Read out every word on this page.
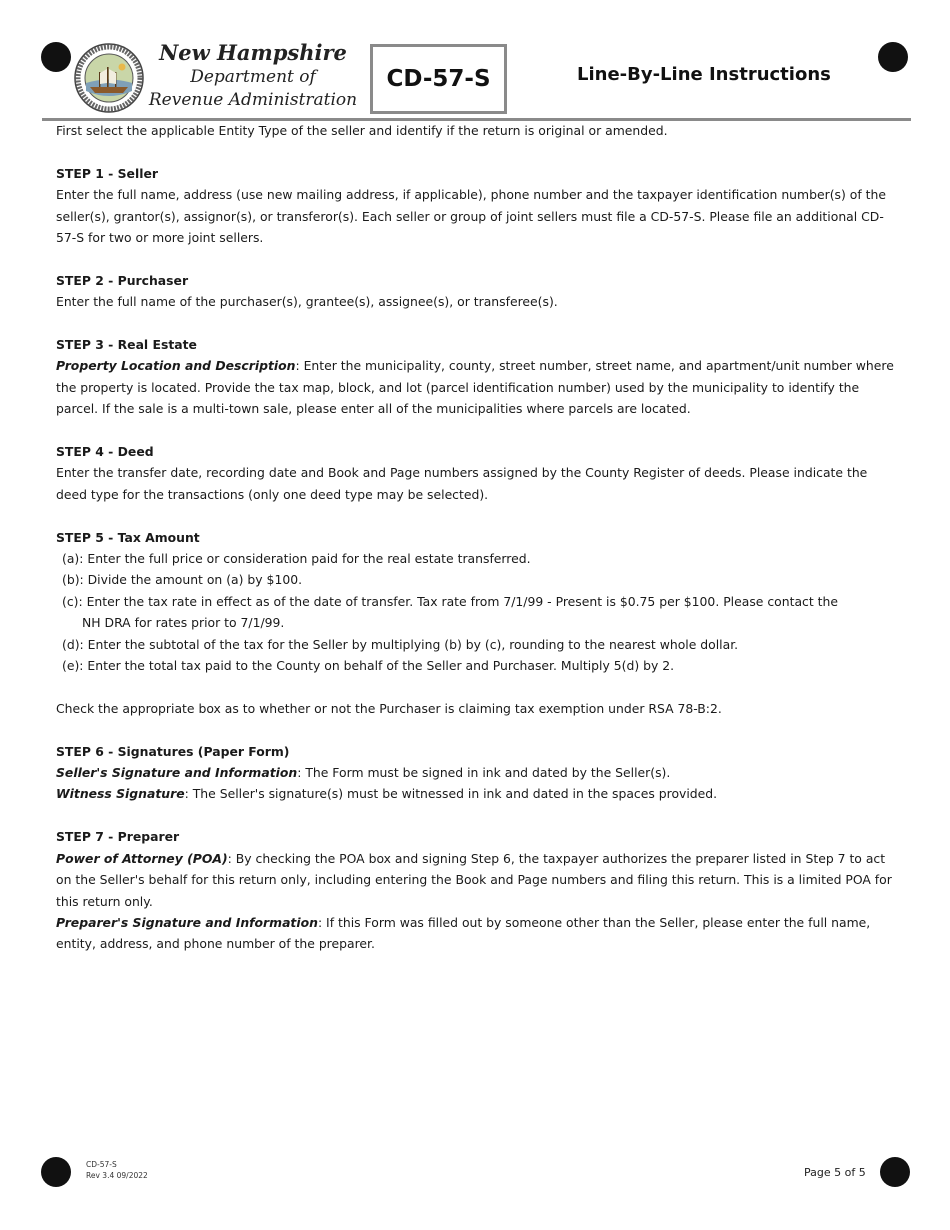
New Hampshire
Department of
Revenue Administration
CD-57-S	Line-By-Line Instructions

First select the applicable Entity Type of the seller and identify if the return is original or amended.

STEP 1 - Seller

Enter the full name, address (use new mailing address, if applicable), phone number and the taxpayer identification number(s) of the seller(s), grantor(s), assignor(s), or transferor(s). Each seller or group of joint sellers must file a CD-57-S. Please file an additional CD-57-S for two or more joint sellers.

STEP 2 - Purchaser

Enter the full name of the purchaser(s), grantee(s), assignee(s), or transferee(s).

STEP 3 - Real Estate

Property Location and Description: Enter the municipality, county, street number, street name, and apartment/unit number where the property is located. Provide the tax map, block, and lot (parcel identification number) used by the municipality to identify the parcel. If the sale is a multi-town sale, please enter all of the municipalities where parcels are located.

STEP 4 - Deed

Enter the transfer date, recording date and Book and Page numbers assigned by the County Register of deeds. Please indicate the deed type for the transactions (only one deed type may be selected).

STEP 5 - Tax Amount

(a): Enter the full price or consideration paid for the real estate transferred.

(b): Divide the amount on (a) by $100.

(c): Enter the tax rate in effect as of the date of transfer. Tax rate from 7/1/99 - Present is $0.75 per $100. Please contact the

NH DRA for rates prior to 7/1/99.

(d): Enter the subtotal of the tax for the Seller by multiplying (b) by (c), rounding to the nearest whole dollar.

(e): Enter the total tax paid to the County on behalf of the Seller and Purchaser. Multiply 5(d) by 2.

Check the appropriate box as to whether or not the Purchaser is claiming tax exemption under RSA 78-B:2.

STEP 6 - Signatures (Paper Form)

Seller's Signature and Information: The Form must be signed in ink and dated by the Seller(s).

Witness Signature: The Seller's signature(s) must be witnessed in ink and dated in the spaces provided.

STEP 7 - Preparer

Power of Attorney (POA): By checking the POA box and signing Step 6, the taxpayer authorizes the preparer listed in Step 7 to act on the Seller's behalf for this return only, including entering the Book and Page numbers and filing this return. This is a limited POA for this return only.

Preparer's Signature and Information: If this Form was filled out by someone other than the Seller, please enter the full name, entity, address, and phone number of the preparer.

CD-57-S
Rev 3.4 09/2022	Page 5 of 5
